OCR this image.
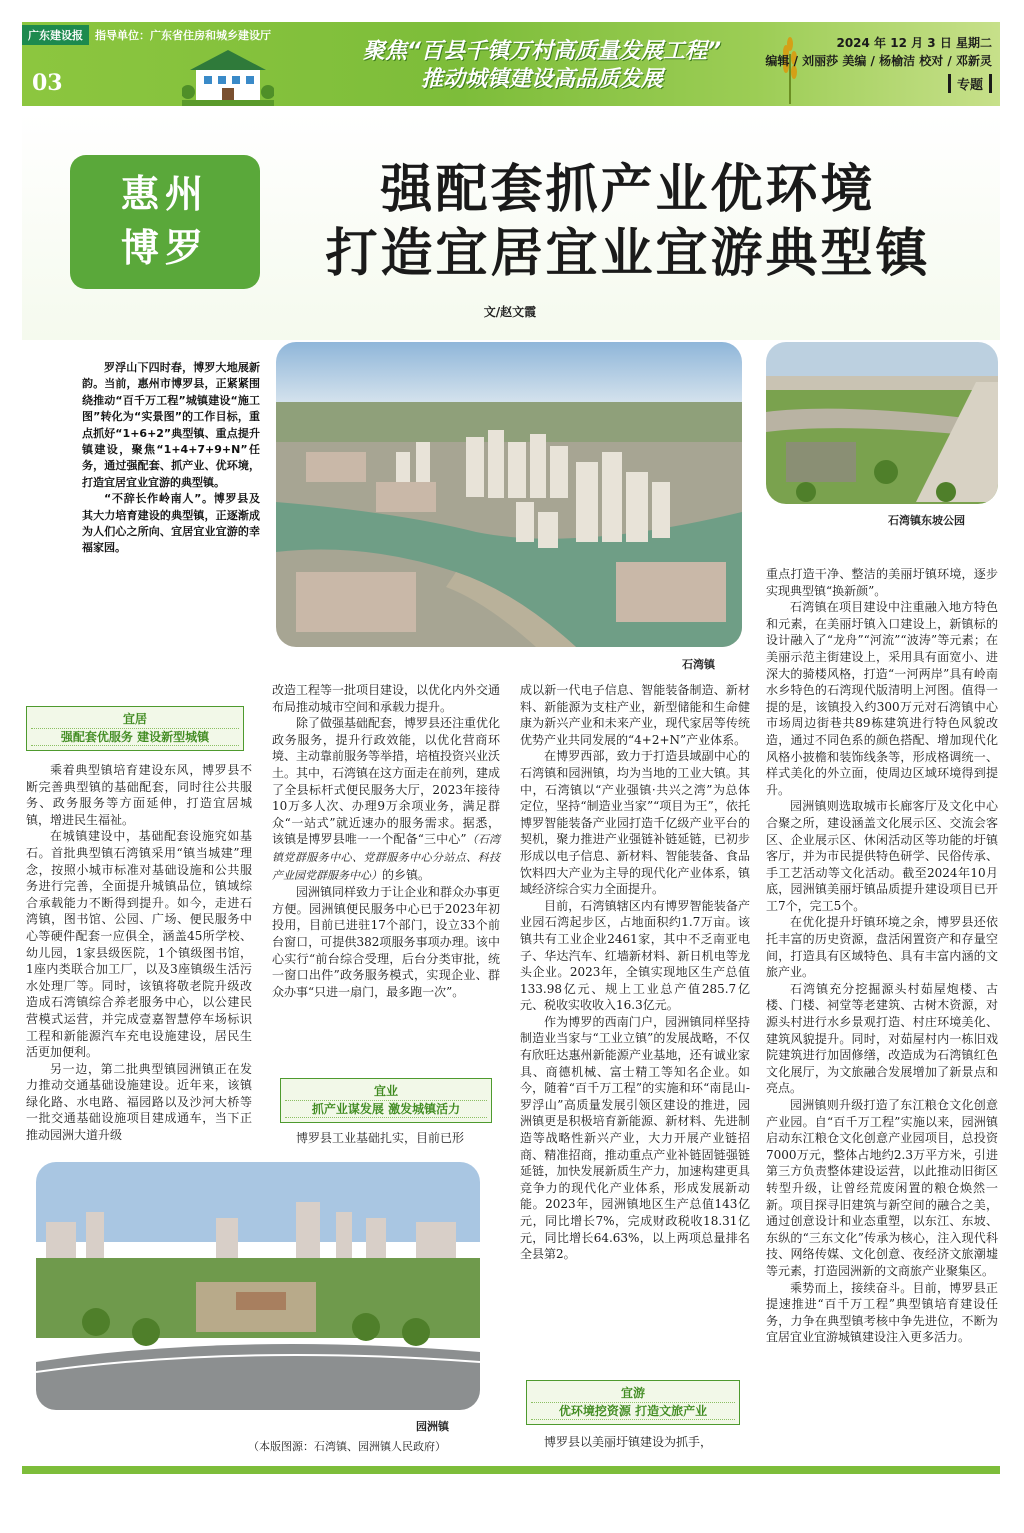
广东建设报	指导单位：广东省住房和城乡建设厅
03
聚焦“百县千镇万村高质量发展工程”
推动城镇建设高品质发展
2024 年 12 月 3 日 星期二
编辑 / 刘丽莎 美编 / 杨榆洁 校对 / 邓新灵
专题
惠州
博罗
强配套抓产业优环境
打造宜居宜业宜游典型镇
文/赵文霞

罗浮山下四时春，博罗大地展新韵。当前，惠州市博罗县，正紧紧围绕推动“百千万工程”城镇建设“施工图”转化为“实景图”的工作目标，重点抓好“1+6+2”典型镇、重点提升镇建设，聚焦“1+4+7+9+N”任务，通过强配套、抓产业、优环境，打造宜居宜业宜游的典型镇。

“不辞长作岭南人”。博罗县及其大力培育建设的典型镇，正逐渐成为人们心之所向、宜居宜业宜游的幸福家园。

石湾镇
石湾镇东坡公园
园洲镇
（本版图源：石湾镇、园洲镇人民政府）
宜居
强配套优服务 建设新型城镇

乘着典型镇培育建设东风，博罗县不断完善典型镇的基础配套，同时往公共服务、政务服务等方面延伸，打造宜居城镇，增进民生福祉。

在城镇建设中，基础配套设施究如基石。首批典型镇石湾镇采用“镇当城建”理念，按照小城市标准对基础设施和公共服务进行完善，全面提升城镇品位，镇域综合承载能力不断得到提升。如今，走进石湾镇，图书馆、公园、广场、便民服务中心等硬件配套一应俱全，涵盖45所学校、幼儿园，1家县级医院，1个镇级图书馆，1座内类联合加工厂，以及3座镇级生活污水处理厂等。同时，该镇将敬老院升级改造成石湾镇综合养老服务中心，以公建民营模式运营，并完成壹嘉智慧停车场标识工程和新能源汽车充电设施建设，居民生活更加便利。

另一边，第二批典型镇园洲镇正在发力推动交通基础设施建设。近年来，该镇绿化路、水电路、福园路以及沙河大桥等一批交通基础设施项目建成通车，当下正推动园洲大道升级

改造工程等一批项目建设，以优化内外交通布局推动城市空间和承载力提升。

除了做强基础配套，博罗县还注重优化政务服务，提升行政效能，以优化营商环境、主动靠前服务等举措，培植投资兴业沃土。其中，石湾镇在这方面走在前列，建成了全县标杆式便民服务大厅，2023年接待10万多人次、办理9万余项业务，满足群众“一站式”就近速办的服务需求。据悉，该镇是博罗县唯一一个配备“三中心”（石湾镇党群服务中心、党群服务中心分站点、科技产业园党群服务中心）的乡镇。

园洲镇同样致力于让企业和群众办事更方便。园洲镇便民服务中心已于2023年初投用，目前已进驻17个部门，设立33个前台窗口，可提供382项服务事项办理。该中心实行“前台综合受理，后台分类审批，统一窗口出件”政务服务模式，实现企业、群众办事“只进一扇门，最多跑一次”。

宜业
抓产业谋发展 激发城镇活力

博罗县工业基础扎实，目前已形

成以新一代电子信息、智能装备制造、新材料、新能源为支柱产业，新型储能和生命健康为新兴产业和未来产业，现代家居等传统优势产业共同发展的“4+2+N”产业体系。

在博罗西部，致力于打造县域副中心的石湾镇和园洲镇，均为当地的工业大镇。其中，石湾镇以“产业强镇·共兴之湾”为总体定位，坚持“制造业当家”“项目为王”，依托博罗智能装备产业园打造千亿级产业平台的契机，聚力推进产业强链补链延链，已初步形成以电子信息、新材料、智能装备、食品饮料四大产业为主导的现代化产业体系，镇域经济综合实力全面提升。

目前，石湾镇辖区内有博罗智能装备产业园石湾起步区，占地面积约1.7万亩。该镇共有工业企业2461家，其中不乏南亚电子、华达汽车、红墙新材料、新日机电等龙头企业。2023年，全镇实现地区生产总值133.98亿元、规上工业总产值285.7亿元、税收实收收入16.3亿元。

作为博罗的西南门户，园洲镇同样坚持制造业当家与“工业立镇”的发展战略，不仅有欣旺达惠州新能源产业基地，还有诚业家具、商德机械、富士精工等知名企业。如今，随着“百千万工程”的实施和环“南昆山-罗浮山”高质量发展引领区建设的推进，园洲镇更是积极培育新能源、新材料、先进制造等战略性新兴产业，大力开展产业链招商、精准招商，推动重点产业补链固链强链延链，加快发展新质生产力，加速构建更具竞争力的现代化产业体系，形成发展新动能。2023年，园洲镇地区生产总值143亿元，同比增长7%，完成财政税收18.31亿元，同比增长64.63%，以上两项总量排名全县第2。

宜游
优环境挖资源 打造文旅产业

博罗县以美丽圩镇建设为抓手，

重点打造干净、整洁的美丽圩镇环境，逐步实现典型镇“换新颜”。

石湾镇在项目建设中注重融入地方特色和元素，在美丽圩镇入口建设上，新镇标的设计融入了“龙舟”“河流”“波涛”等元素；在美丽示范主街建设上，采用具有面宽小、进深大的骑楼风格，打造“一河两岸”具有岭南水乡特色的石湾现代版清明上河图。值得一提的是，该镇投入约300万元对石湾镇中心市场周边街巷共89栋建筑进行特色风貌改造，通过不同色系的颜色搭配、增加现代化风格小披檐和装饰线条等，形成格调统一、样式美化的外立面，使周边区域环境得到提升。

园洲镇则选取城市长廊客厅及文化中心合聚之所，建设涵盖文化展示区、交流会客区、企业展示区、休闲活动区等功能的圩镇客厅，并为市民提供特色研学、民俗传承、手工艺活动等文化活动。截至2024年10月底，园洲镇美丽圩镇品质提升建设项目已开工7个，完工5个。

在优化提升圩镇环境之余，博罗县还依托丰富的历史资源，盘活闲置资产和存量空间，打造具有区域特色、具有丰富内涵的文旅产业。

石湾镇充分挖掘源头村茹屋炮楼、古楼、门楼、祠堂等老建筑、古树木资源，对源头村进行水乡景观打造、村庄环境美化、建筑风貌提升。同时，对茹屋村内一栋旧戏院建筑进行加固修缮，改造成为石湾镇红色文化展厅，为文旅融合发展增加了新景点和亮点。

园洲镇则升级打造了东江粮仓文化创意产业园。自“百千万工程”实施以来，园洲镇启动东江粮仓文化创意产业园项目，总投资7000万元，整体占地约2.3万平方米，引进第三方负责整体建设运营，以此推动旧街区转型升级，让曾经荒废闲置的粮仓焕然一新。项目探寻旧建筑与新空间的融合之美，通过创意设计和业态重塑，以东江、东坡、东纵的“三东文化”传承为核心，注入现代科技、网络传媒、文化创意、夜经济文旅潮墟等元素，打造园洲新的文商旅产业聚集区。

乘势而上，接续奋斗。目前，博罗县正提速推进“百千万工程”典型镇培育建设任务，力争在典型镇考核中争先进位，不断为宜居宜业宜游城镇建设注入更多活力。
